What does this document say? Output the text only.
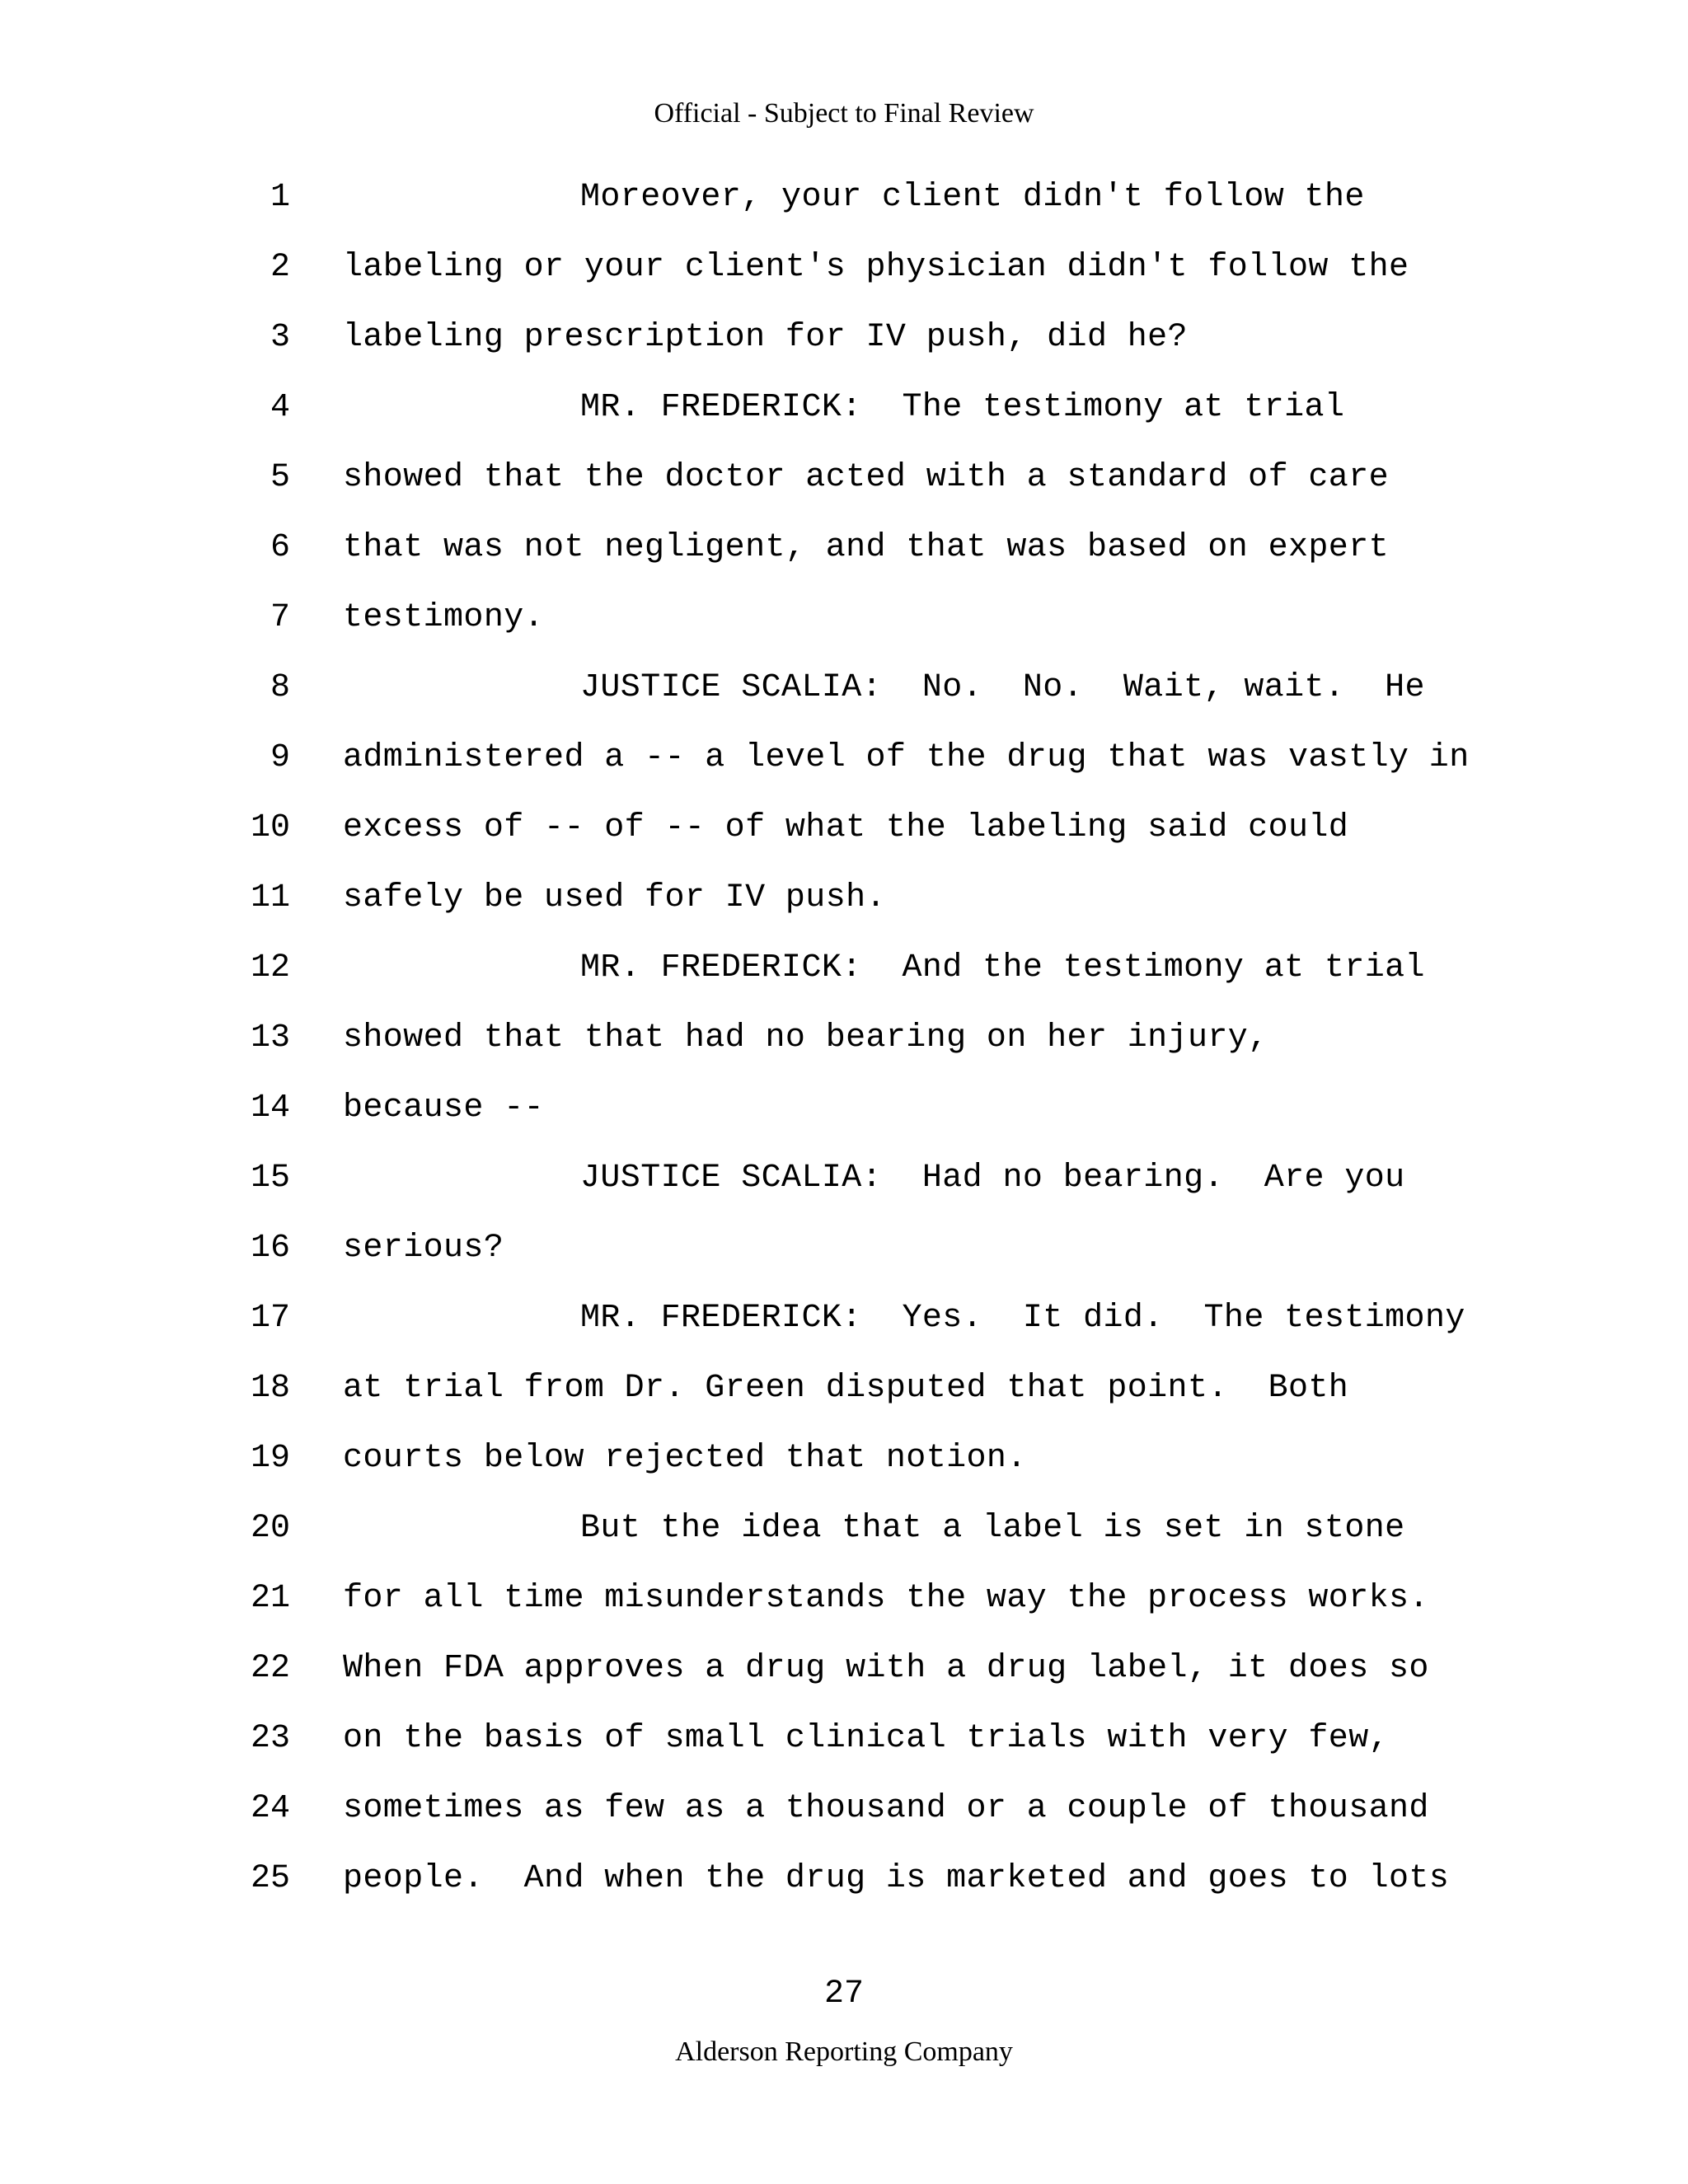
Official - Subject to Final Review
1	Moreover, your client didn't follow the
2 labeling or your client's physician didn't follow the
3 labeling prescription for IV push, did he?
4	MR. FREDERICK:  The testimony at trial
5 showed that the doctor acted with a standard of care
6 that was not negligent, and that was based on expert
7 testimony.
8	JUSTICE SCALIA:  No.  No.  Wait, wait.  He
9 administered a -- a level of the drug that was vastly in
10 excess of -- of -- of what the labeling said could
11 safely be used for IV push.
12	MR. FREDERICK:  And the testimony at trial
13 showed that that had no bearing on her injury,
14 because --
15	JUSTICE SCALIA:  Had no bearing.  Are you
16 serious?
17	MR. FREDERICK:  Yes.  It did.  The testimony
18 at trial from Dr. Green disputed that point.  Both
19 courts below rejected that notion.
20	But the idea that a label is set in stone
21 for all time misunderstands the way the process works.
22 When FDA approves a drug with a drug label, it does so
23 on the basis of small clinical trials with very few,
24 sometimes as few as a thousand or a couple of thousand
25 people.  And when the drug is marketed and goes to lots
27
Alderson Reporting Company
